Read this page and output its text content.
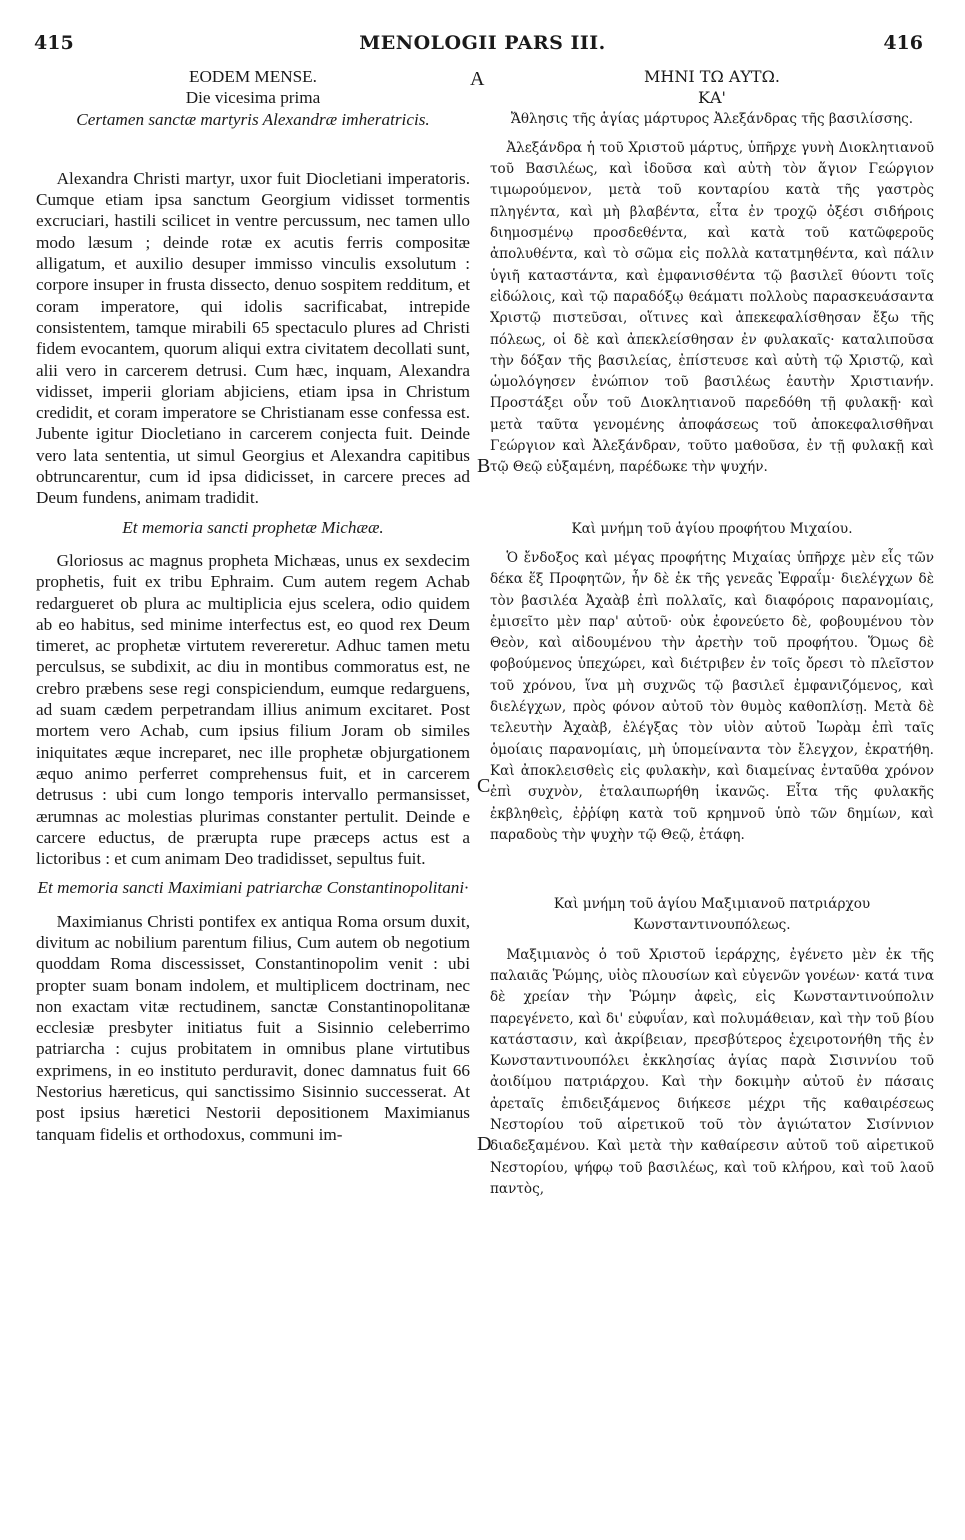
415	MENOLOGII PARS III.	416
A
B
C
D

EODEM MENSE.

Die vicesima prima

Certamen sanctæ martyris Alexandræ imheratricis.

Alexandra Christi martyr, uxor fuit Diocletiani imperatoris. Cumque etiam ipsa sanctum Georgium vidisset tormentis excruciari, hastili scilicet in ventre percussum, nec tamen ullo modo læsum ; deinde rotæ ex acutis ferris compositæ alligatum, et auxilio desuper immisso vinculis exsolutum : corpore insuper in frusta dissecto, denuo sospitem redditum, et coram imperatore, qui idolis sacrificabat, intrepide consistentem, tamque mirabili 65 spectaculo plures ad Christi fidem evocantem, quorum aliqui extra civitatem decollati sunt, alii vero in carcerem detrusi. Cum hæc, inquam, Alexandra vidisset, imperii gloriam abjiciens, etiam ipsa in Christum credidit, et coram imperatore se Christianam esse confessa est. Jubente igitur Diocletiano in carcerem conjecta fuit. Deinde vero lata sententia, ut simul Georgius et Alexandra capitibus obtruncarentur, cum id ipsa didicisset, in carcere preces ad Deum fundens, animam tradidit.

Et memoria sancti prophetæ Michææ.

Gloriosus ac magnus propheta Michæas, unus ex sexdecim prophetis, fuit ex tribu Ephraim. Cum autem regem Achab redargueret ob plura ac multiplicia ejus scelera, odio quidem ab eo habitus, sed minime interfectus est, eo quod rex Deum timeret, ac prophetæ virtutem revereretur. Adhuc tamen metu perculsus, se subdixit, ac diu in montibus commoratus est, ne crebro præbens sese regi conspiciendum, eumque redarguens, ad suam cædem perpetrandam illius animum excitaret. Post mortem vero Achab, cum ipsius filium Joram ob similes iniquitates æque increparet, nec ille prophetæ objurgationem æquo animo perferret comprehensus fuit, et in carcerem detrusus : ubi cum longo temporis intervallo permansisset, ærumnas ac molestias plurimas constanter pertulit. Deinde e carcere eductus, de prærupta rupe præceps actus est a lictoribus : et cum animam Deo tradidisset, sepultus fuit.

Et memoria sancti Maximiani patriarchæ Constantinopolitani·

Maximianus Christi pontifex ex antiqua Roma orsum duxit, divitum ac nobilium parentum filius, Cum autem ob negotium quoddam Roma discessisset, Constantinopolim venit : ubi propter suam bonam indolem, et multiplicem doctrinam, nec non exactam vitæ rectudinem, sanctæ Constantinopolitanæ ecclesiæ presbyter initiatus fuit a Sisinnio celeberrimo patriarcha : cujus probitatem in omnibus plane virtutibus exprimens, in eo instituto perduravit, donec damnatus fuit 66 Nestorius hæreticus, qui sanctissimo Sisinnio successerat. At post ipsius hæretici Nestorii depositionem Maximianus tanquam fidelis et orthodoxus, communi im-

ΜΗΝΙ ΤΩ ΑΥΤΩ.

ΚΑ'

Ἄθλησις τῆς ἁγίας μάρτυρος Ἀλεξάνδρας τῆς βασιλίσσης.

Ἀλεξάνδρα ἡ τοῦ Χριστοῦ μάρτυς, ὑπῆρχε γυνὴ Διοκλητιανοῦ τοῦ Βασιλέως, καὶ ἰδοῦσα καὶ αὐτὴ τὸν ἅγιον Γεώργιον τιμωρούμενον, μετὰ τοῦ κονταρίου κατὰ τῆς γαστρὸς πληγέντα, καὶ μὴ βλαβέντα, εἶτα ἐν τροχῷ ὀξέσι σιδήροις διημοσμένῳ προσδεθέντα, καὶ κατὰ τοῦ κατῶφεροῦς ἀπολυθέντα, καὶ τὸ σῶμα εἰς πολλὰ κατατμηθέντα, καὶ πάλιν ὑγιῆ καταστάντα, καὶ ἐμφανισθέντα τῷ βασιλεῖ θύοντι τοῖς εἰδώλοις, καὶ τῷ παραδόξῳ θεάματι πολλοὺς παρασκευάσαντα Χριστῷ πιστεῦσαι, οἵτινες καὶ ἀπεκεφαλίσθησαν ἔξω τῆς πόλεως, οἱ δὲ καὶ ἀπεκλείσθησαν ἐν φυλακαῖς· καταλιποῦσα τὴν δόξαν τῆς βασιλείας, ἐπίστευσε καὶ αὐτὴ τῷ Χριστῷ, καὶ ὡμολόγησεν ἐνώπιον τοῦ βασιλέως ἑαυτὴν Χριστιανήν. Προστάξει οὖν τοῦ Διοκλητιανοῦ παρεδόθη τῇ φυλακῇ· καὶ μετὰ ταῦτα γενομένης ἀποφάσεως τοῦ ἀποκεφαλισθῆναι Γεώργιον καὶ Ἀλεξάνδραν, τοῦτο μαθοῦσα, ἐν τῇ φυλακῇ καὶ τῷ Θεῷ εὐξαμένη, παρέδωκε τὴν ψυχήν.

Καὶ μνήμη τοῦ ἁγίου προφήτου Μιχαίου.

Ὁ ἔνδοξος καὶ μέγας προφήτης Μιχαίας ὑπῆρχε μὲν εἷς τῶν δέκα ἕξ Προφητῶν, ἦν δὲ ἐκ τῆς γενεᾶς Ἐφραΐμ· διελέγχων δὲ τὸν βασιλέα Ἀχαὰβ ἐπὶ πολλαῖς, καὶ διαφόροις παρανομίαις, ἐμισεῖτο μὲν παρ' αὐτοῦ· οὐκ ἐφονεύετο δὲ, φοβουμένου τὸν Θεὸν, καὶ αἰδουμένου τὴν ἀρετὴν τοῦ προφήτου. Ὅμως δὲ φοβούμενος ὑπεχώρει, καὶ διέτριβεν ἐν τοῖς ὄρεσι τὸ πλεῖστον τοῦ χρόνου, ἵνα μὴ συχνῶς τῷ βασιλεῖ ἐμφανιζόμενος, καὶ διελέγχων, πρὸς φόνον αὐτοῦ τὸν θυμὸς καθοπλίσῃ. Μετὰ δὲ τελευτὴν Ἀχαὰβ, ἐλέγξας τὸν υἱὸν αὐτοῦ Ἰωρὰμ ἐπὶ ταῖς ὁμοίαις παρανομίαις, μὴ ὑπομείναντα τὸν ἔλεγχον, ἐκρατήθη. Καὶ ἀποκλεισθεὶς εἰς φυλακὴν, καὶ διαμείνας ἐνταῦθα χρόνον ἐπὶ συχνὸν, ἐταλαιπωρήθη ἱκανῶς. Εἶτα τῆς φυλακῆς ἐκβληθεὶς, ἐῤῥίφη κατὰ τοῦ κρημνοῦ ὑπὸ τῶν δημίων, καὶ παραδοὺς τὴν ψυχὴν τῷ Θεῷ, ἐτάφη.

Καὶ μνήμη τοῦ ἁγίου Μαξιμιανοῦ πατριάρχου Κωνσταντινουπόλεως.

Μαξιμιανὸς ὁ τοῦ Χριστοῦ ἱεράρχης, ἐγένετο μὲν ἐκ τῆς παλαιᾶς Ῥώμης, υἱὸς πλουσίων καὶ εὐγενῶν γονέων· κατά τινα δὲ χρείαν τὴν Ῥώμην ἀφεὶς, εἰς Κωνσταντινούπολιν παρεγένετο, καὶ δι' εὐφυΐαν, καὶ πολυμάθειαν, καὶ τὴν τοῦ βίου κατάστασιν, καὶ ἀκρίβειαν, πρεσβύτερος ἐχειροτονήθη τῆς ἐν Κωνσταντινουπόλει ἐκκλησίας ἁγίας παρὰ Σισιννίου τοῦ ἀοιδίμου πατριάρχου. Καὶ τὴν δοκιμὴν αὐτοῦ ἐν πάσαις ἀρεταῖς ἐπιδειξάμενος διήκεσε μέχρι τῆς καθαιρέσεως Νεστορίου τοῦ αἱρετικοῦ τοῦ τὸν ἁγιώτατον Σισίννιον διαδεξαμένου. Καὶ μετὰ τὴν καθαίρεσιν αὐτοῦ τοῦ αἱρετικοῦ Νεστορίου, ψήφῳ τοῦ βασιλέως, καὶ τοῦ κλήρου, καὶ τοῦ λαοῦ παντὸς,
